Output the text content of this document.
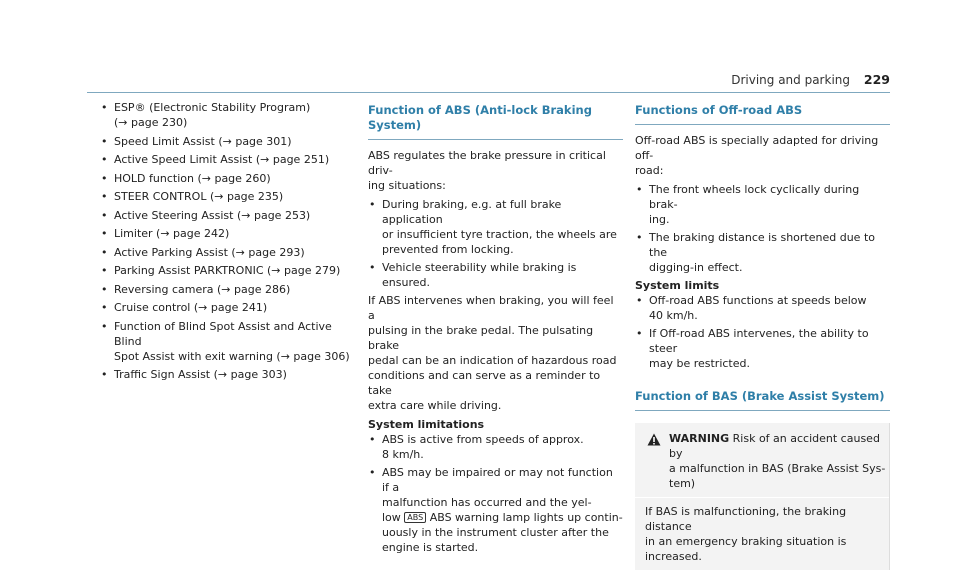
Driving and parking 229
• ESP® (Electronic Stability Program)
(→ page 230)
• Speed Limit Assist (→ page 301)
• Active Speed Limit Assist (→ page 251)
• HOLD function (→ page 260)
• STEER CONTROL (→ page 235)
• Active Steering Assist (→ page 253)
• Limiter (→ page 242)
• Active Parking Assist (→ page 293)
• Parking Assist PARKTRONIC (→ page 279)
• Reversing camera (→ page 286)
• Cruise control (→ page 241)
• Function of Blind Spot Assist and Active Blind
Spot Assist with exit warning (→ page 306)
• Traffic Sign Assist (→ page 303)
Function of ABS (Anti-lock Braking System)

ABS regulates the brake pressure in critical driv-
ing situations:

• During braking, e.g. at full brake application
or insufficient tyre traction, the wheels are
prevented from locking.
• Vehicle steerability while braking is ensured.

If ABS intervenes when braking, you will feel a
pulsing in the brake pedal. The pulsating brake
pedal can be an indication of hazardous road
conditions and can serve as a reminder to take
extra care while driving.

System limitations
• ABS is active from speeds of approx.
8 km/h.
• ABS may be impaired or may not function if a
malfunction has occurred and the yel-
low ABS ABS warning lamp lights up contin-
uously in the instrument cluster after the
engine is started.
Functions of Off-road ABS

Off-road ABS is specially adapted for driving off-
road:

• The front wheels lock cyclically during brak-
ing.
• The braking distance is shortened due to the
digging-in effect.
System limits
• Off-road ABS functions at speeds below
40 km/h.
• If Off-road ABS intervenes, the ability to steer
may be restricted.
Function of BAS (Brake Assist System)
WARNING Risk of an accident caused by
a malfunction in BAS (Brake Assist Sys-
tem)
If BAS is malfunctioning, the braking distance
in an emergency braking situation is
increased.
